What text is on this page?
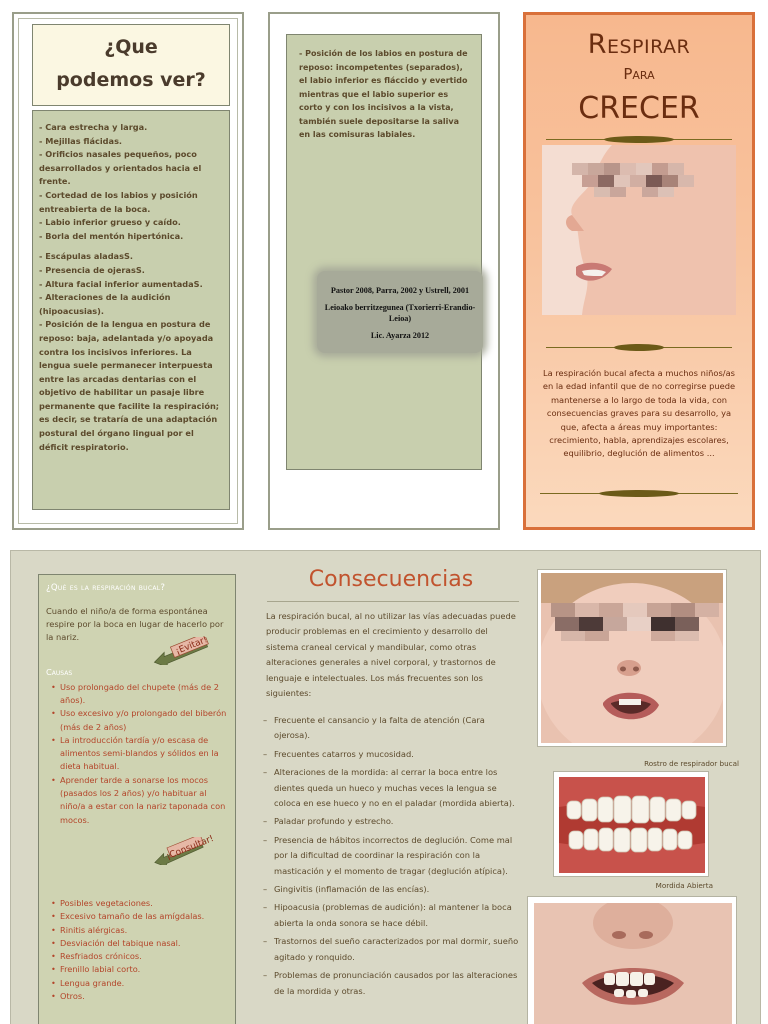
¿Que
podemos ver?

- Cara estrecha y larga.

- Mejillas flácidas.

- Orificios nasales pequeños, poco desarrollados y orientados hacia el frente.

- Cortedad de los labios y posición entreabierta de la boca.

- Labio inferior grueso y caído.

- Borla del mentón hipertónica.

- Escápulas aladasS.

- Presencia de ojerasS.

- Altura facial inferior aumentadaS.

- Alteraciones de la audición (hipoacusias).

- Posición de la lengua en postura de reposo: baja, adelantada y/o apoyada contra los incisivos inferiores. La lengua suele permanecer interpuesta entre las arcadas dentarias con el objetivo de habilitar un pasaje libre permanente que facilite la respiración; es decir, se trataría de una adaptación postural del órgano lingual por el déficit respiratorio.

- Posición de los labios en postura de reposo: incompetentes (separados), el labio inferior es fláccido y evertido mientras que el labio superior es corto y con los incisivos a la vista, también suele depositarse la saliva en las comisuras labiales.

Pastor 2008, Parra, 2002 y Ustrell, 2001
Leioako berritzegunea (Txorierri-Erandio-Leioa)
Lic. Ayarza 2012
Respirar
Para
CRECER
La respiración bucal afecta a muchos niños/as en la edad infantil que de no corregirse puede mantenerse a lo largo de toda la vida, con consecuencias graves para su desarrollo, ya que, afecta a áreas muy importantes: crecimiento, habla, aprendizajes escolares, equilibrio, deglución de alimentos ...
¿Qué es la respiración bucal?
Cuando el niño/a de forma espontánea respire por la boca en lugar de hacerlo por la nariz.
Causas
• Uso prolongado del chupete (más de 2 años).
• Uso excesivo y/o prolongado del biberón (más de 2 años)
• La introducción tardía y/o escasa de alimentos semi-blandos y sólidos en la dieta habitual.
• Aprender tarde a sonarse los mocos (pasados los 2 años) y/o habituar al niño/a a estar con la nariz taponada con mocos.
• Posibles vegetaciones.
• Excesivo tamaño de las amígdalas.
• Rinitis alérgicas.
• Desviación del tabique nasal.
• Resfriados crónicos.
• Frenillo labial corto.
• Lengua grande.
• Otros.
¡Evitar!
¡Consultar!
Consecuencias
La respiración bucal, al no utilizar las vías adecuadas puede producir problemas en el crecimiento y desarrollo del sistema craneal cervical y mandibular, como otras alteraciones generales a nivel corporal, y trastornos de lenguaje e intelectuales. Los más frecuentes son los siguientes:
– Frecuente el cansancio y la falta de atención (Cara ojerosa).
– Frecuentes catarros y mucosidad.
– Alteraciones de la mordida: al cerrar la boca entre los dientes queda un hueco y muchas veces la lengua se coloca en ese hueco y no en el paladar (mordida abierta).
– Paladar profundo y estrecho.
– Presencia de hábitos incorrectos de deglución. Come mal por la dificultad de coordinar la respiración con la masticación y el momento de tragar (deglución atípica).
– Gingivitis (inflamación de las encías).
– Hipoacusia (problemas de audición): al mantener la boca abierta la onda sonora se hace débil.
– Trastornos del sueño caracterizados por mal dormir, sueño agitado y ronquido.
– Problemas de pronunciación causados por las alteraciones de la mordida y otras.
Rostro de respirador bucal
Mordida Abierta
